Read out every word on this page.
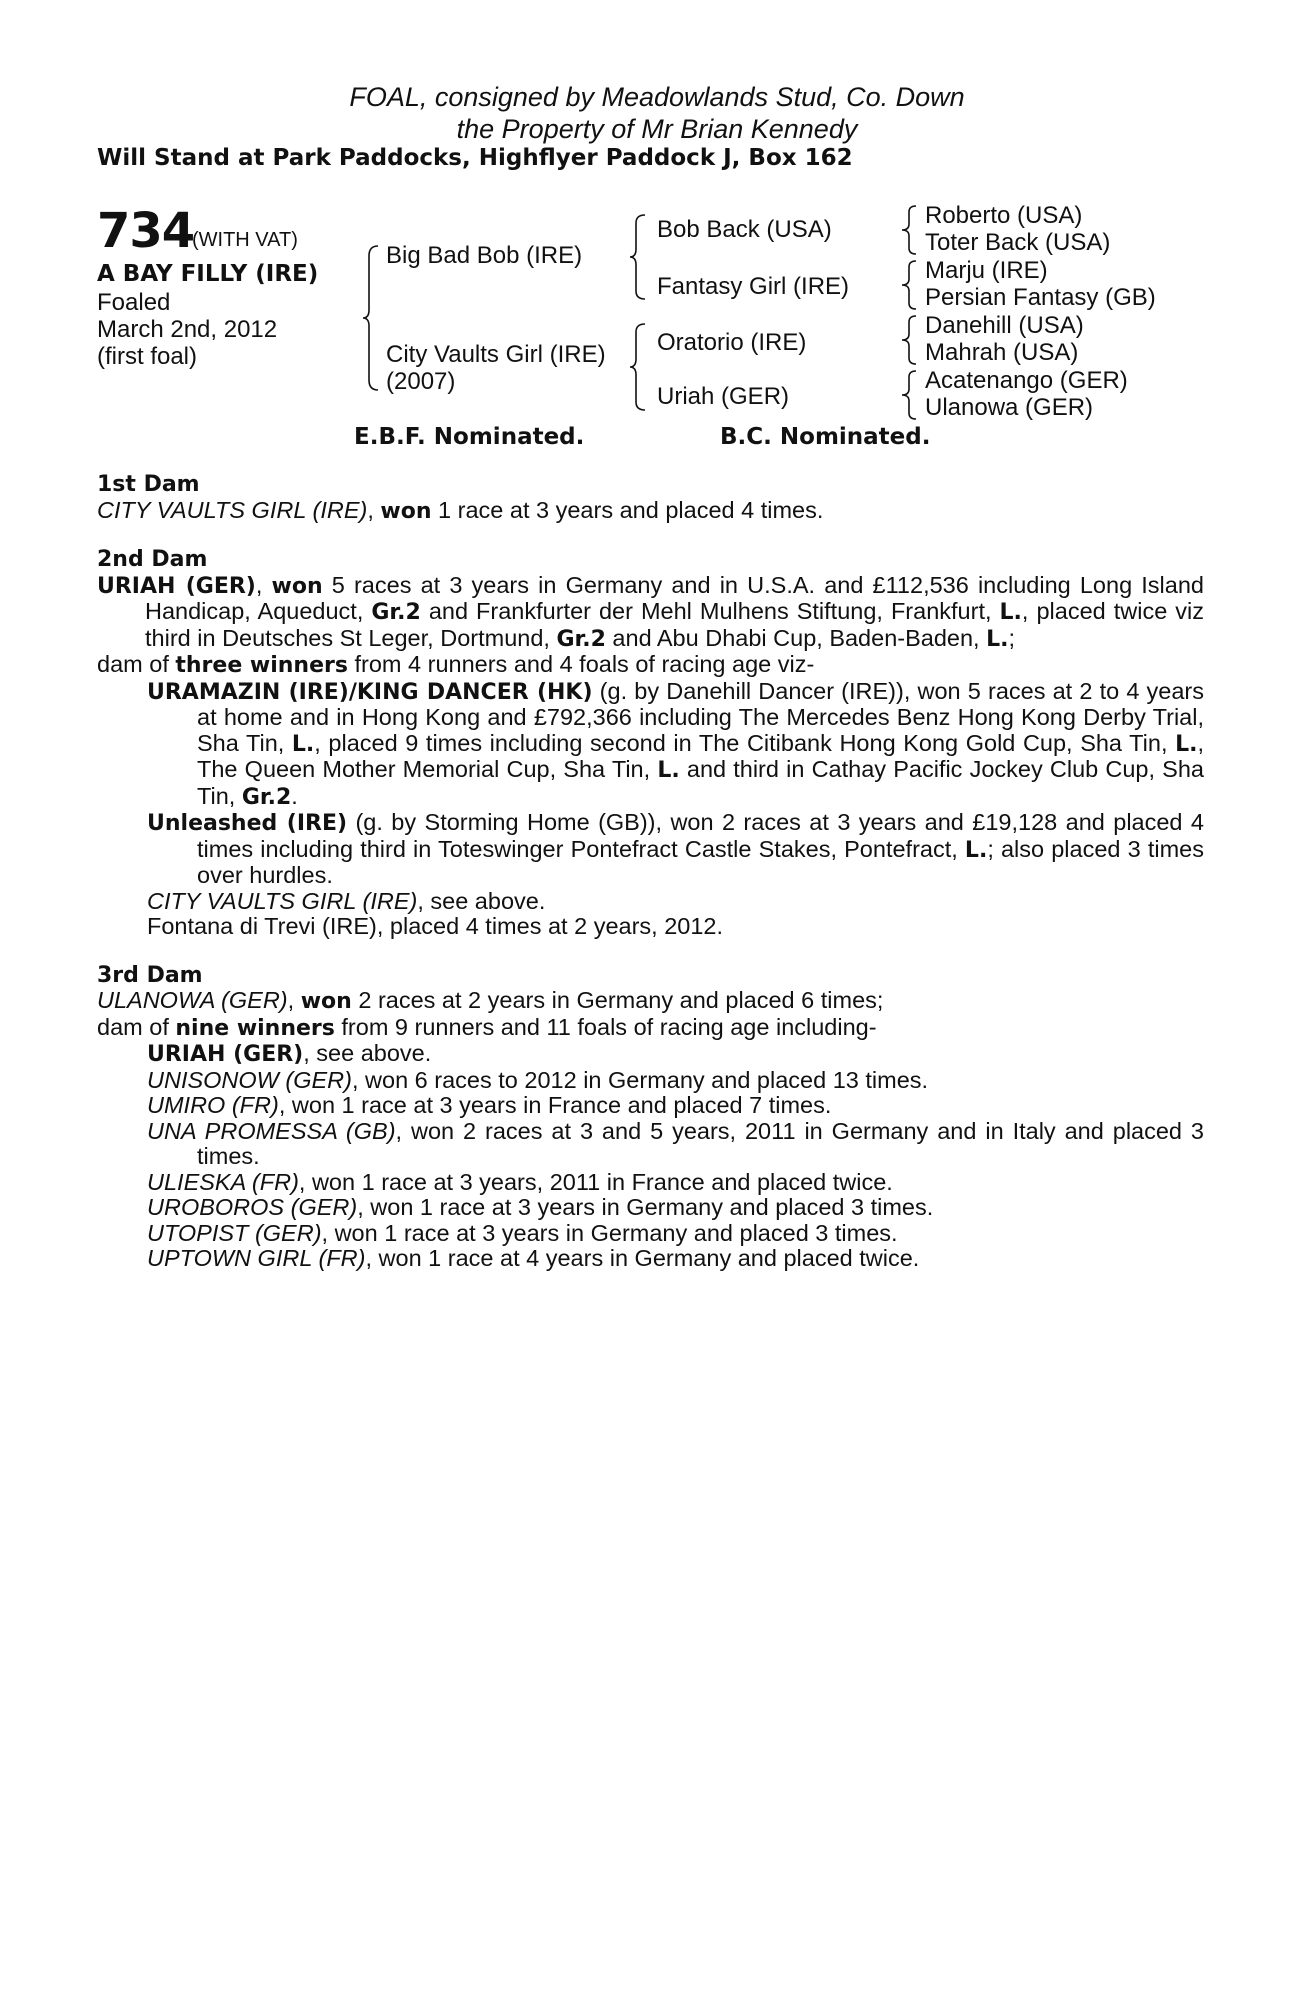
FOAL, consigned by Meadowlands Stud, Co. Down
the Property of Mr Brian Kennedy
Will Stand at Park Paddocks, Highflyer Paddock J, Box 162
734
(WITH VAT)
A BAY FILLY (IRE)
Foaled
March 2nd, 2012
(first foal)
Big Bad Bob (IRE)
City Vaults Girl (IRE)
(2007)
Bob Back (USA)
Fantasy Girl (IRE)
Oratorio (IRE)
Uriah (GER)
Roberto (USA)
Toter Back (USA)
Marju (IRE)
Persian Fantasy (GB)
Danehill (USA)
Mahrah (USA)
Acatenango (GER)
Ulanowa (GER)
E.B.F. Nominated.	B.C. Nominated.
1st Dam
CITY VAULTS GIRL (IRE), won 1 race at 3 years and placed 4 times.
2nd Dam
URIAH (GER), won 5 races at 3 years in Germany and in U.S.A. and £112,536 including Long Island Handicap, Aqueduct, Gr.2 and Frankfurter der Mehl Mulhens Stiftung, Frankfurt, L., placed twice viz third in Deutsches St Leger, Dortmund, Gr.2 and Abu Dhabi Cup, Baden-Baden, L.;
dam of three winners from 4 runners and 4 foals of racing age viz-
URAMAZIN (IRE)/KING DANCER (HK) (g. by Danehill Dancer (IRE)), won 5 races at 2 to 4 years at home and in Hong Kong and £792,366 including The Mercedes Benz Hong Kong Derby Trial, Sha Tin, L., placed 9 times including second in The Citibank Hong Kong Gold Cup, Sha Tin, L., The Queen Mother Memorial Cup, Sha Tin, L. and third in Cathay Pacific Jockey Club Cup, Sha Tin, Gr.2.
Unleashed (IRE) (g. by Storming Home (GB)), won 2 races at 3 years and £19,128 and placed 4 times including third in Toteswinger Pontefract Castle Stakes, Pontefract, L.; also placed 3 times over hurdles.
CITY VAULTS GIRL (IRE), see above.
Fontana di Trevi (IRE), placed 4 times at 2 years, 2012.
3rd Dam
ULANOWA (GER), won 2 races at 2 years in Germany and placed 6 times;
dam of nine winners from 9 runners and 11 foals of racing age including-
URIAH (GER), see above.
UNISONOW (GER), won 6 races to 2012 in Germany and placed 13 times.
UMIRO (FR), won 1 race at 3 years in France and placed 7 times.
UNA PROMESSA (GB), won 2 races at 3 and 5 years, 2011 in Germany and in Italy and placed 3 times.
ULIESKA (FR), won 1 race at 3 years, 2011 in France and placed twice.
UROBOROS (GER), won 1 race at 3 years in Germany and placed 3 times.
UTOPIST (GER), won 1 race at 3 years in Germany and placed 3 times.
UPTOWN GIRL (FR), won 1 race at 4 years in Germany and placed twice.
